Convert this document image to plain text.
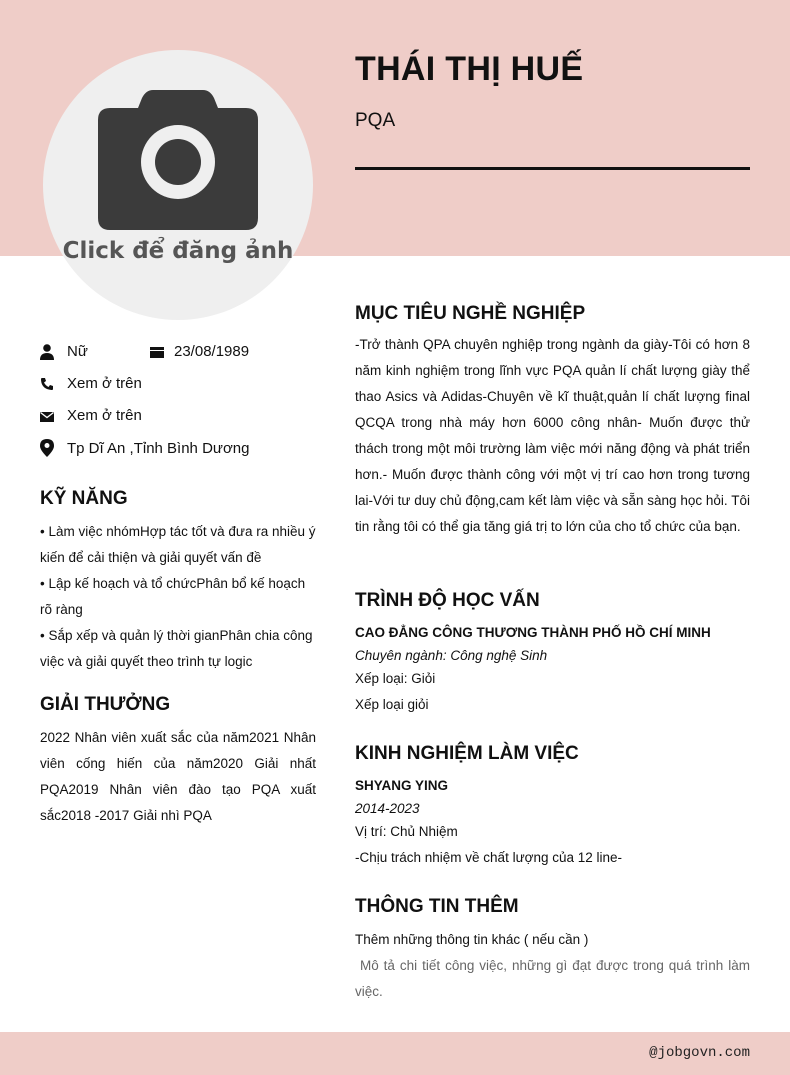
Click để đăng ảnh
THÁI THỊ HUẾ
PQA
Nữ	23/08/1989
Xem ở trên
Xem ở trên
Tp Dĩ An ,Tỉnh Bình Dương
KỸ NĂNG
• Làm việc nhómHợp tác tốt và đưa ra nhiều ý kiến để cải thiện và giải quyết vấn đề
• Lập kế hoạch và tổ chứcPhân bổ kế hoạch rõ ràng
• Sắp xếp và quản lý thời gianPhân chia công việc và giải quyết theo trình tự logic
GIẢI THƯỞNG
2022 Nhân viên xuất sắc của năm2021 Nhân viên cống hiến của năm2020 Giải nhất PQA2019 Nhân viên đào tạo PQA xuất sắc2018 -2017 Giải nhì PQA
MỤC TIÊU NGHỀ NGHIỆP
-Trở thành QPA chuyên nghiệp trong ngành da giày-Tôi có hơn 8 năm kinh nghiệm trong lĩnh vực PQA quản lí chất lượng giày thể thao Asics và Adidas-Chuyên về kĩ thuật,quản lí chất lượng final QCQA trong nhà máy hơn 6000 công nhân- Muốn được thử thách trong một môi trường làm việc mới năng động và phát triển hơn.- Muốn được thành công với một vị trí cao hơn trong tương lai-Với tư duy chủ động,cam kết làm việc và sẵn sàng học hỏi. Tôi tin rằng tôi có thể gia tăng giá trị to lớn của cho tổ chức của bạn.
TRÌNH ĐỘ HỌC VẤN
CAO ĐẲNG CÔNG THƯƠNG THÀNH PHỐ HỒ CHÍ MINH
Chuyên ngành: Công nghệ Sinh
Xếp loại: Giỏi
Xếp loại giỏi
KINH NGHIỆM LÀM VIỆC
SHYANG YING
2014-2023
Vị trí: Chủ Nhiệm
-Chịu trách nhiệm về chất lượng của 12 line-
THÔNG TIN THÊM
Thêm những thông tin khác ( nếu cần )
Mô tả chi tiết công việc, những gì đạt được trong quá trình làm việc.
@jobgovn.com
